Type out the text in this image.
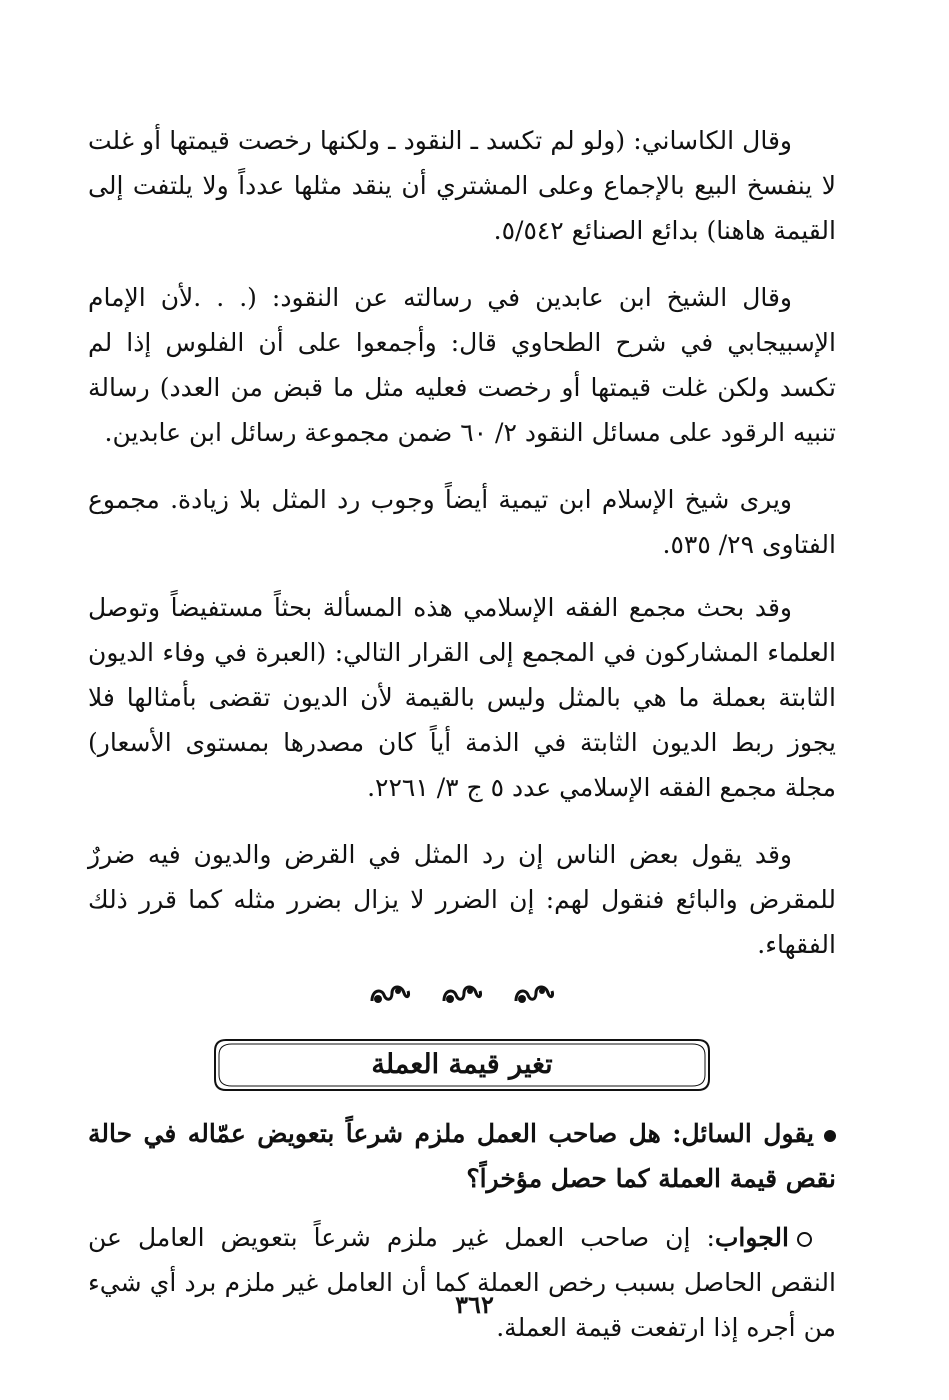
وقال الكاساني: (ولو لم تكسد ـ النقود ـ ولكنها رخصت قيمتها أو غلت لا ينفسخ البيع بالإجماع وعلى المشتري أن ينقد مثلها عدداً ولا يلتفت إلى القيمة هاهنا) بدائع الصنائع ٥/٥٤٢.

وقال الشيخ ابن عابدين في رسالته عن النقود: (. . .لأن الإمام الإسبيجابي في شرح الطحاوي قال: وأجمعوا على أن الفلوس إذا لم تكسد ولكن غلت قيمتها أو رخصت فعليه مثل ما قبض من العدد) رسالة تنبيه الرقود على مسائل النقود ٢/ ٦٠ ضمن مجموعة رسائل ابن عابدين.

ويرى شيخ الإسلام ابن تيمية أيضاً وجوب رد المثل بلا زيادة. مجموع الفتاوى ٢٩/ ٥٣٥.

وقد بحث مجمع الفقه الإسلامي هذه المسألة بحثاً مستفيضاً وتوصل العلماء المشاركون في المجمع إلى القرار التالي: (العبرة في وفاء الديون الثابتة بعملة ما هي بالمثل وليس بالقيمة لأن الديون تقضى بأمثالها فلا يجوز ربط الديون الثابتة في الذمة أياً كان مصدرها بمستوى الأسعار) مجلة مجمع الفقه الإسلامي عدد ٥ ج ٣/ ٢٢٦١.

وقد يقول بعض الناس إن رد المثل في القرض والديون فيه ضررٌ للمقرض والبائع فنقول لهم: إن الضرر لا يزال بضرر مثله كما قرر ذلك الفقهاء.

تغير قيمة العملة

يقول السائل: هل صاحب العمل ملزم شرعاً بتعويض عمّاله في حالة نقص قيمة العملة كما حصل مؤخراً؟

الجواب: إن صاحب العمل غير ملزم شرعاً بتعويض العامل عن النقص الحاصل بسبب رخص العملة كما أن العامل غير ملزم برد أي شيء من أجره إذا ارتفعت قيمة العملة.

٣٦٢
